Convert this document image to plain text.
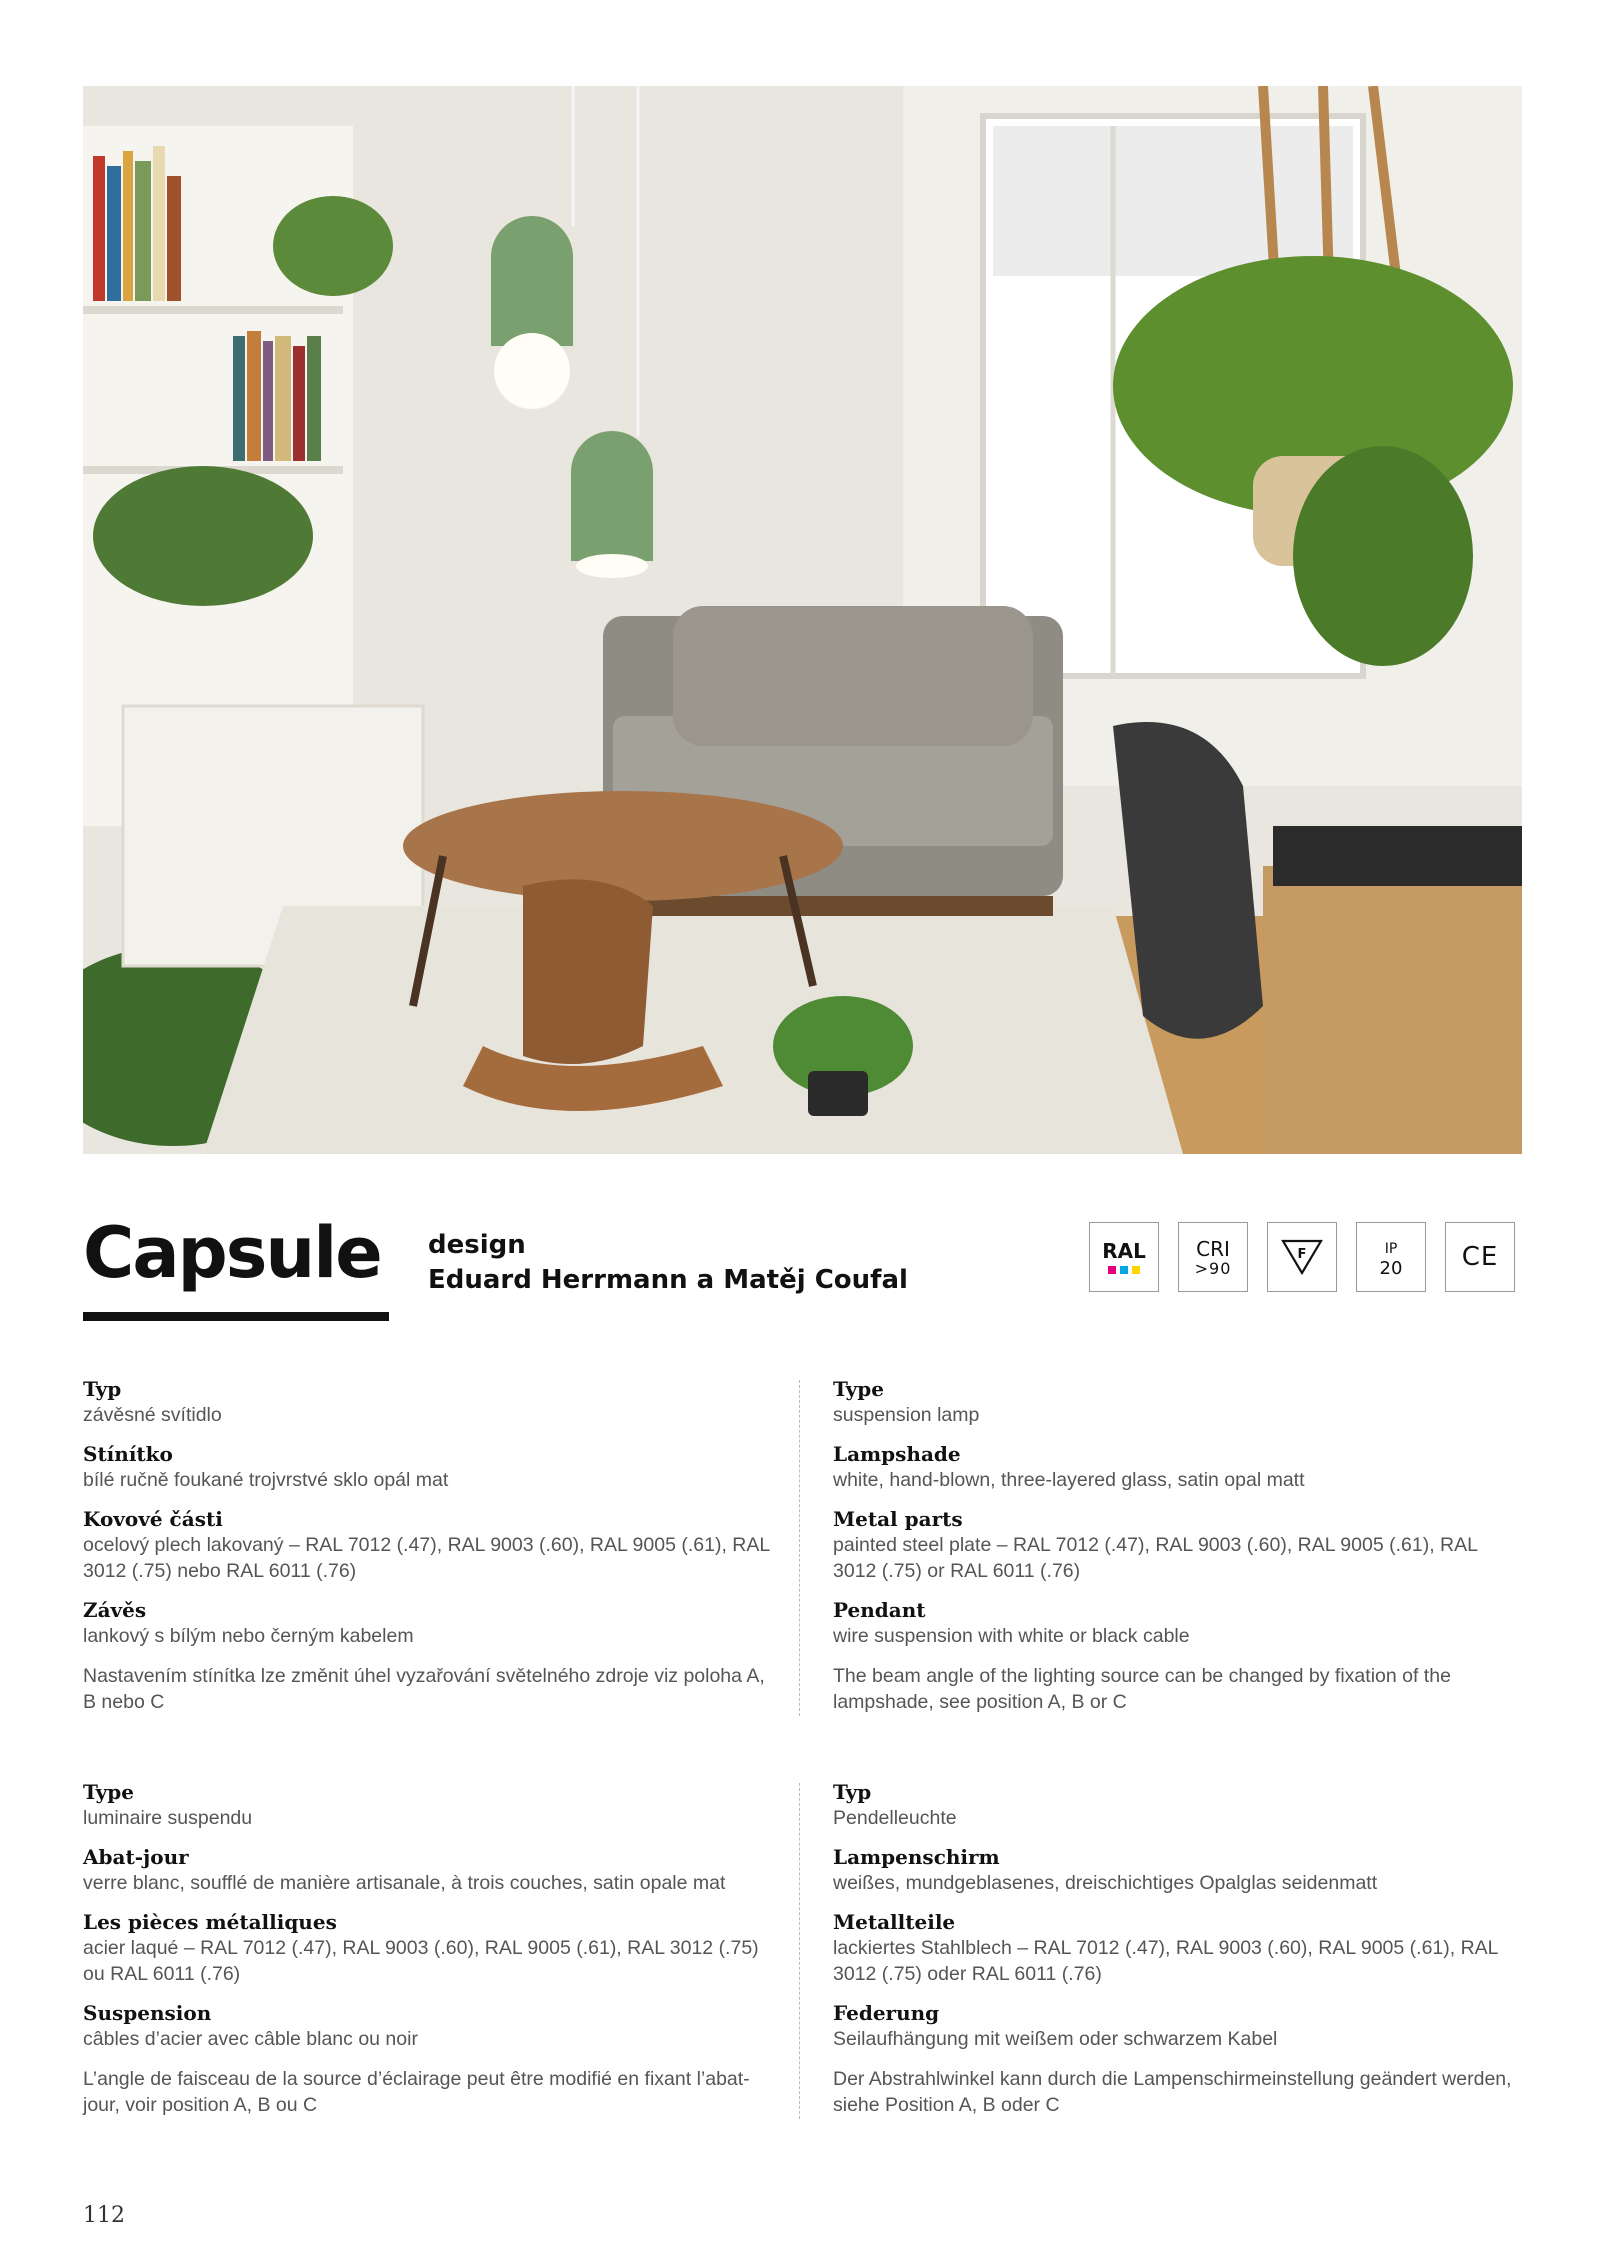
Capsule design
Eduard Herrmann a Matěj Coufal
RAL	CRI
>90
F	IP
20 CE
Typ
závěsné svítidlo
Stínítko
bílé ručně foukané trojvrstvé sklo opál mat
Kovové části
ocelový plech lakovaný – RAL 7012 (.47), RAL 9003 (.60), RAL 9005 (.61), RAL 3012 (.75) nebo RAL 6011 (.76)
Závěs
lankový s bílým nebo černým kabelem
Nastavením stínítka lze změnit úhel vyzařování světelného zdroje viz poloha A, B nebo C
Type
suspension lamp
Lampshade
white, hand-blown, three-layered glass, satin opal matt
Metal parts
painted steel plate – RAL 7012 (.47), RAL 9003 (.60), RAL 9005 (.61), RAL 3012 (.75) or RAL 6011 (.76)
Pendant
wire suspension with white or black cable
The beam angle of the lighting source can be changed by fixation of the lampshade, see position A, B or C
Type
luminaire suspendu
Abat-jour
verre blanc, soufflé de manière artisanale, à trois couches, satin opale mat
Les pièces métalliques
acier laqué – RAL 7012 (.47), RAL 9003 (.60), RAL 9005 (.61), RAL 3012 (.75) ou RAL 6011 (.76)
Suspension
câbles d’acier avec câble blanc ou noir
L’angle de faisceau de la source d’éclairage peut être modifié en fixant l’abat-jour, voir position A, B ou C
Typ
Pendelleuchte
Lampenschirm
weißes, mundgeblasenes, dreischichtiges Opalglas seidenmatt
Metallteile
lackiertes Stahlblech – RAL 7012 (.47), RAL 9003 (.60), RAL 9005 (.61), RAL 3012 (.75) oder RAL 6011 (.76)
Federung
Seilaufhängung mit weißem oder schwarzem Kabel
Der Abstrahlwinkel kann durch die Lampenschirmeinstellung geändert werden, siehe Position A, B oder C
112
